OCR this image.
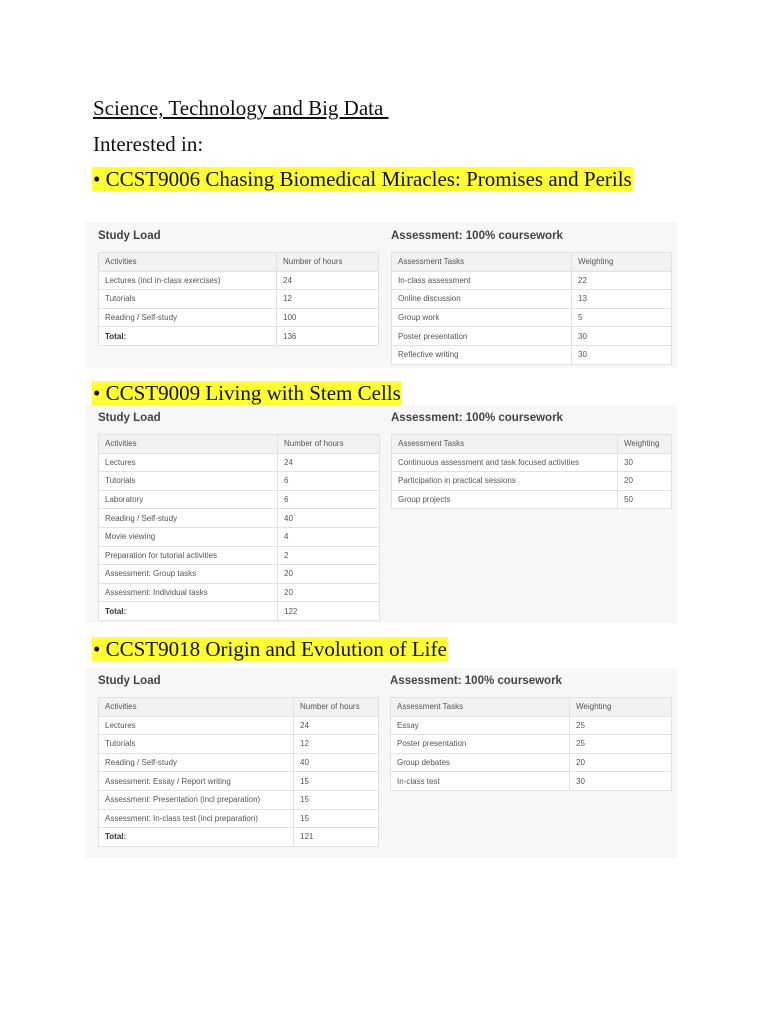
Science, Technology and Big Data
Interested in:
• CCST9006 Chasing Biomedical Miracles: Promises and Perils
Study Load
Activities	Number of hours
Lectures (incl in-class exercises)	24
Tutorials	12
Reading / Self-study	100
Total:	136
Assessment: 100% coursework
Assessment Tasks	Weighting
In-class assessment	22
Online discussion	13
Group work	5
Poster presentation	30
Reflective writing	30
• CCST9009 Living with Stem Cells
Study Load
Activities	Number of hours
Lectures	24
Tutorials	6
Laboratory	6
Reading / Self-study	40
Movie viewing	4
Preparation for tutorial activities	2
Assessment: Group tasks	20
Assessment: Individual tasks	20
Total:	122
Assessment: 100% coursework
Assessment Tasks	Weighting
Continuous assessment and task focused activities	30
Participation in practical sessions	20
Group projects	50
• CCST9018 Origin and Evolution of Life
Study Load
Activities	Number of hours
Lectures	24
Tutorials	12
Reading / Self-study	40
Assessment: Essay / Report writing	15
Assessment: Presentation (incl preparation)	15
Assessment: In-class test (incl preparation)	15
Total:	121
Assessment: 100% coursework
Assessment Tasks	Weighting
Essay	25
Poster presentation	25
Group debates	20
In-class test	30
